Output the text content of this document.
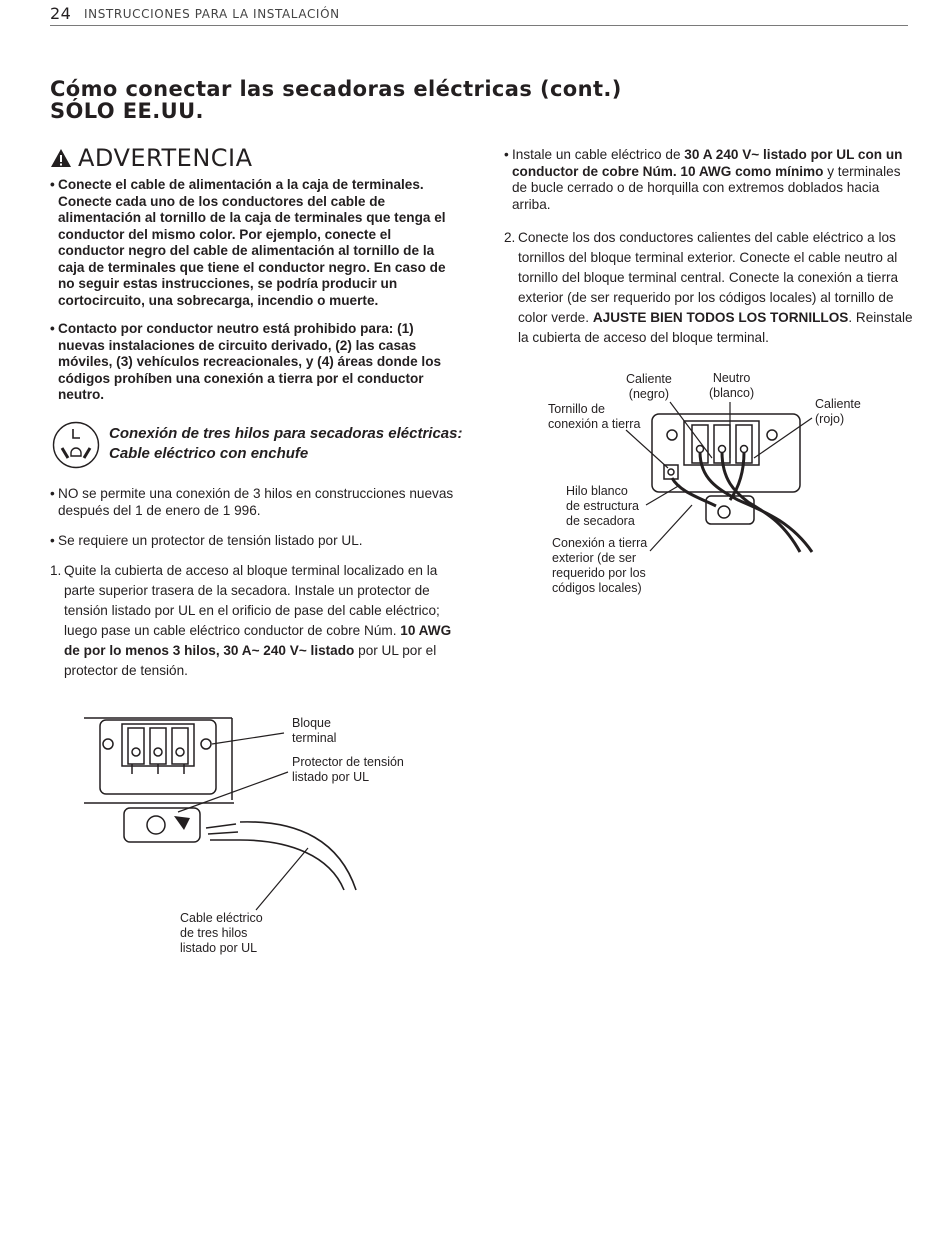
24 INSTRUCCIONES PARA LA INSTALACIÓN
Cómo conectar las secadoras eléctricas (cont.)
SÓLO EE.UU.
ADVERTENCIA
• Conecte el cable de alimentación a la caja de terminales. Conecte cada uno de los conductores del cable de alimentación al tornillo de la caja de terminales que tenga el conductor del mismo color. Por ejemplo, conecte el conductor negro del cable de alimentación al tornillo de la caja de terminales que tiene el conductor negro. En caso de no seguir estas instrucciones, se podría producir un cortocircuito, una sobrecarga, incendio o muerte.
• Contacto por conductor neutro está prohibido para: (1) nuevas instalaciones de circuito derivado, (2) las casas móviles, (3) vehículos recreacionales, y (4) áreas donde los códigos prohíben una conexión a tierra por el conductor neutro.
Conexión de tres hilos para secadoras eléctricas:
Cable eléctrico con enchufe
• NO se permite una conexión de 3 hilos en construcciones nuevas después del 1 de enero de 1 996.
• Se requiere un protector de tensión listado por UL.
1. Quite la cubierta de acceso al bloque terminal localizado en la parte superior trasera de la secadora. Instale un protector de tensión listado por UL en el orificio de pase del cable eléctrico; luego pase un cable eléctrico conductor de cobre Núm. 10 AWG de por lo menos 3 hilos, 30 A~ 240 V~ listado por UL por el protector de tensión.
• Instale un cable eléctrico de 30 A 240 V~ listado por UL con un conductor de cobre Núm. 10 AWG como mínimo y terminales de bucle cerrado o de horquilla con extremos doblados hacia arriba.
2. Conecte los dos conductores calientes del cable eléctrico a los tornillos del bloque terminal exterior. Conecte el cable neutro al tornillo del bloque terminal central. Conecte la conexión a tierra exterior (de ser requerido por los códigos locales) al tornillo de color verde. AJUSTE BIEN TODOS LOS TORNILLOS. Reinstale la cubierta de acceso del bloque terminal.
Caliente
(negro)
Neutro
(blanco)
Caliente
(rojo)
Tornillo de
conexión a tierra
Hilo blanco
de estructura
de secadora
Conexión a tierra
exterior (de ser
requerido por los
códigos locales)
Bloque
terminal
Protector de tensión
listado por UL
Cable eléctrico
de tres hilos
listado por UL
